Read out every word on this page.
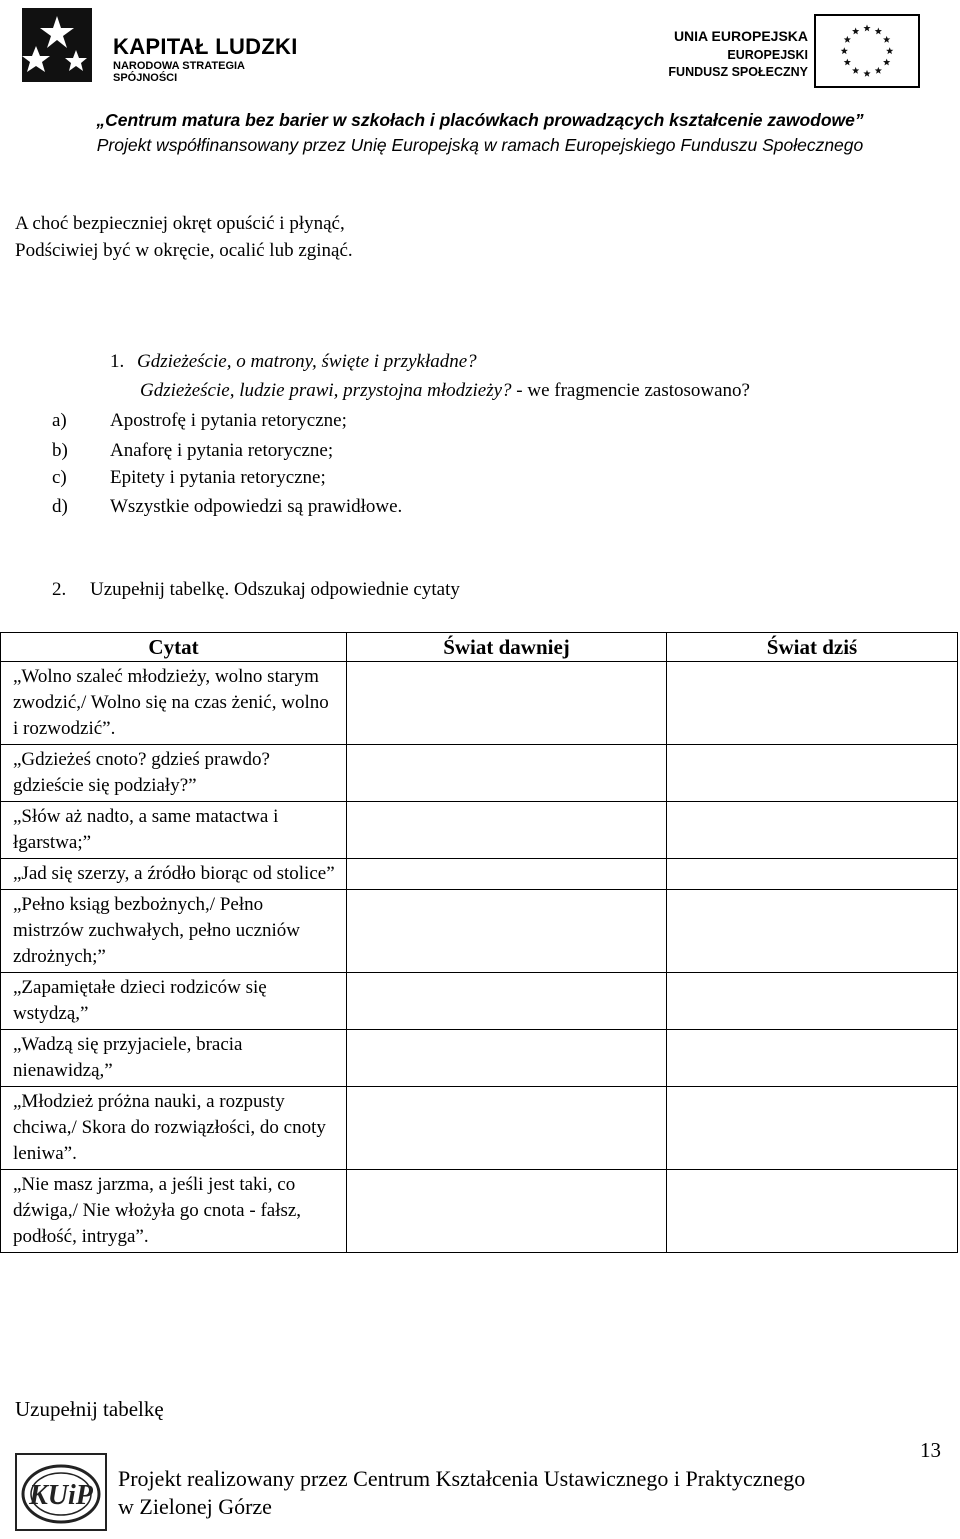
KAPITAŁ LUDZKI
NARODOWA STRATEGIA SPÓJNOŚCI
UNIA EUROPEJSKA
EUROPEJSKI
FUNDUSZ SPOŁECZNY
„Centrum matura bez barier w szkołach i placówkach prowadzących kształcenie zawodowe”
Projekt współfinansowany przez Unię Europejską w ramach Europejskiego Funduszu Społecznego
A choć bezpieczniej okręt opuścić i płynąć,
Podściwiej być w okręcie, ocalić lub zginąć.
1. Gdzieżeście, o matrony, święte i przykładne?
Gdzieżeście, ludzie prawi, przystojna młodzieży? - we fragmencie zastosowano?
a) Apostrofę i pytania retoryczne;
b) Anaforę i pytania retoryczne;
c) Epitety i pytania retoryczne;
d) Wszystkie odpowiedzi są prawidłowe.
2. Uzupełnij tabelkę. Odszukaj odpowiednie cytaty
Cytat	Świat dawniej	Świat dziś
„Wolno szaleć młodzieży, wolno starym zwodzić,/ Wolno się na czas żenić, wolno i rozwodzić”.		
„Gdzieżeś cnoto? gdzieś prawdo? gdzieście się podziały?”		
„Słów aż nadto, a same matactwa i łgarstwa;”		
„Jad się szerzy, a źródło biorąc od stolice”		
„Pełno ksiąg bezbożnych,/ Pełno mistrzów zuchwałych, pełno uczniów zdrożnych;”		
„Zapamiętałe dzieci rodziców się wstydzą,”		
„Wadzą się przyjaciele, bracia nienawidzą,”		
„Młodzież próżna nauki, a rozpusty chciwa,/ Skora do rozwiązłości, do cnoty leniwa”.		
„Nie masz jarzma, a jeśli jest taki, co dźwiga,/ Nie włożyła go cnota - fałsz, podłość, intryga”.		
Uzupełnij tabelkę
13
KUiP
Projekt realizowany przez Centrum Kształcenia Ustawicznego i Praktycznego
w Zielonej Górze
